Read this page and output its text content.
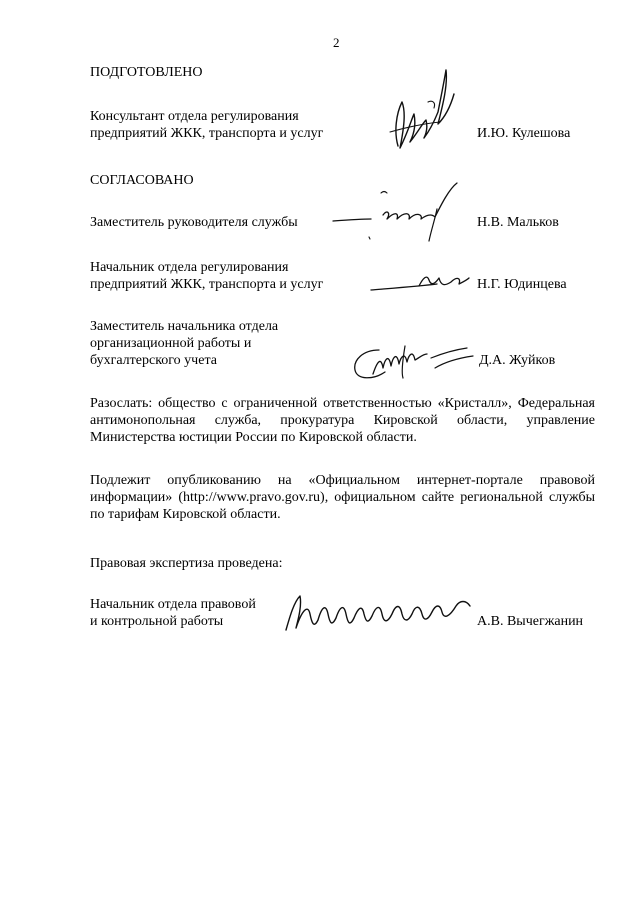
2
ПОДГОТОВЛЕНО
Консультант отдела регулирования
предприятий ЖКК, транспорта и услуг	И.Ю. Кулешова
СОГЛАСОВАНО
Заместитель руководителя службы	Н.В. Мальков
Начальник отдела регулирования
предприятий ЖКК, транспорта и услуг	Н.Г. Юдинцева
Заместитель начальника отдела
организационной работы и
бухгалтерского учета	Д.А. Жуйков
Разослать: общество с ограниченной ответственностью «Кристалл», Федеральная антимонопольная служба, прокуратура Кировской области, управление Министерства юстиции России по Кировской области.
Подлежит опубликованию на «Официальном интернет-портале правовой информации» (http://www.pravo.gov.ru), официальном сайте региональной службы по тарифам Кировской области.
Правовая экспертиза проведена:
Начальник отдела правовой
и контрольной работы	А.В. Вычегжанин
